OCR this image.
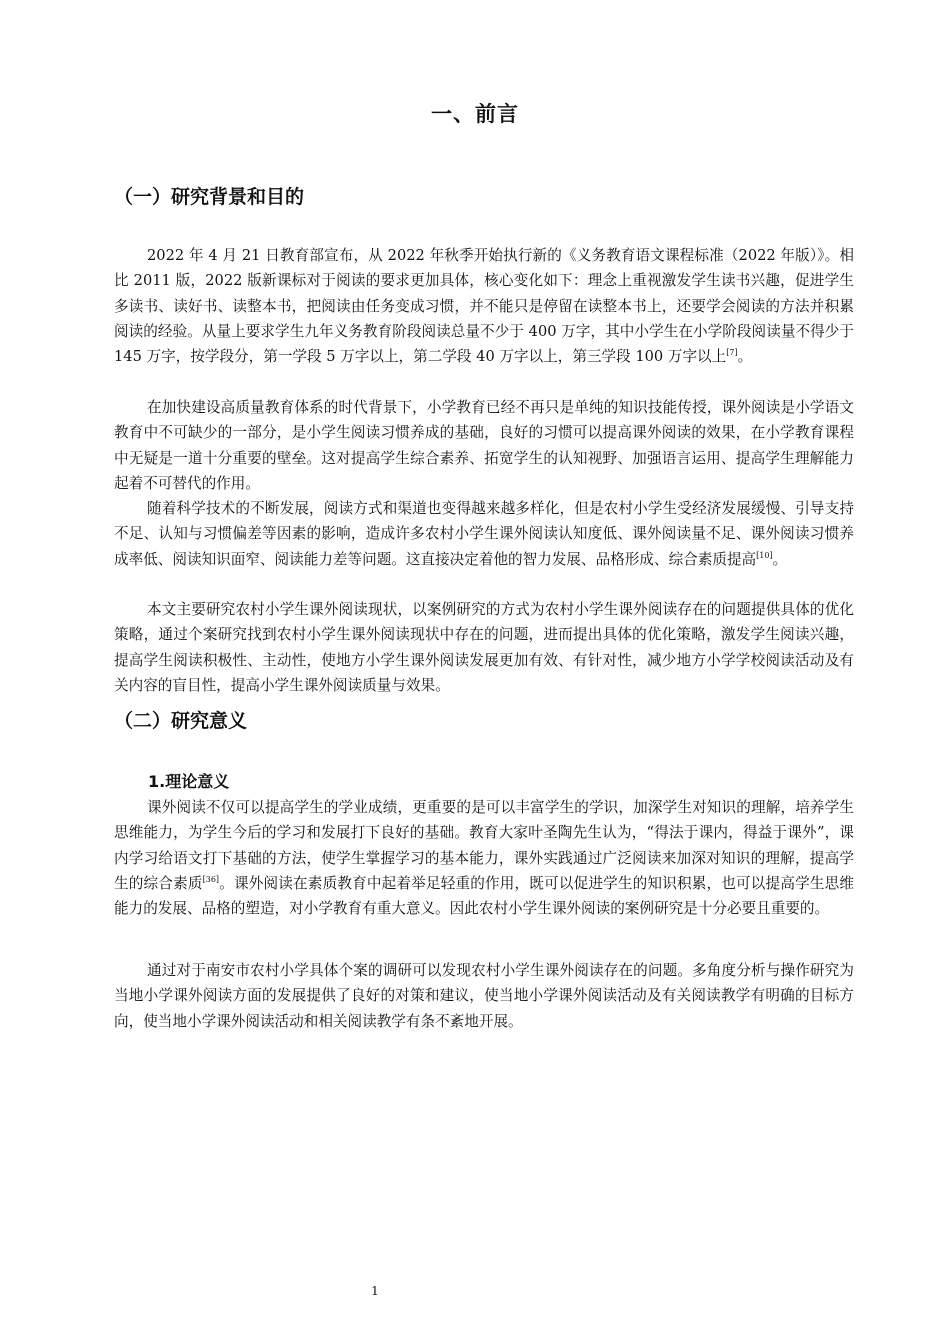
一、前言
（一）研究背景和目的

2022 年 4 月 21 日教育部宣布，从 2022 年秋季开始执行新的《义务教育语文课程标准（2022 年版）》。相比 2011 版，2022 版新课标对于阅读的要求更加具体，核心变化如下：理念上重视激发学生读书兴趣，促进学生多读书、读好书、读整本书，把阅读由任务变成习惯，并不能只是停留在读整本书上，还要学会阅读的方法并积累阅读的经验。从量上要求学生九年义务教育阶段阅读总量不少于 400 万字，其中小学生在小学阶段阅读量不得少于 145 万字，按学段分，第一学段 5 万字以上，第二学段 40 万字以上，第三学段 100 万字以上[7]。

在加快建设高质量教育体系的时代背景下，小学教育已经不再只是单纯的知识技能传授，课外阅读是小学语文教育中不可缺少的一部分，是小学生阅读习惯养成的基础，良好的习惯可以提高课外阅读的效果，在小学教育课程中无疑是一道十分重要的壁垒。这对提高学生综合素养、拓宽学生的认知视野、加强语言运用、提高学生理解能力起着不可替代的作用。

随着科学技术的不断发展，阅读方式和渠道也变得越来越多样化，但是农村小学生受经济发展缓慢、引导支持不足、认知与习惯偏差等因素的影响，造成许多农村小学生课外阅读认知度低、课外阅读量不足、课外阅读习惯养成率低、阅读知识面窄、阅读能力差等问题。这直接决定着他的智力发展、品格形成、综合素质提高[10]。

本文主要研究农村小学生课外阅读现状，以案例研究的方式为农村小学生课外阅读存在的问题提供具体的优化策略，通过个案研究找到农村小学生课外阅读现状中存在的问题，进而提出具体的优化策略，激发学生阅读兴趣，提高学生阅读积极性、主动性，使地方小学生课外阅读发展更加有效、有针对性，减少地方小学学校阅读活动及有关内容的盲目性，提高小学生课外阅读质量与效果。

（二）研究意义
1.理论意义

课外阅读不仅可以提高学生的学业成绩，更重要的是可以丰富学生的学识，加深学生对知识的理解，培养学生思维能力，为学生今后的学习和发展打下良好的基础。教育大家叶圣陶先生认为，“得法于课内，得益于课外”，课内学习给语文打下基础的方法，使学生掌握学习的基本能力，课外实践通过广泛阅读来加深对知识的理解，提高学生的综合素质[36]。课外阅读在素质教育中起着举足轻重的作用，既可以促进学生的知识积累，也可以提高学生思维能力的发展、品格的塑造，对小学教育有重大意义。因此农村小学生课外阅读的案例研究是十分必要且重要的。

通过对于南安市农村小学具体个案的调研可以发现农村小学生课外阅读存在的问题。多角度分析与操作研究为当地小学课外阅读方面的发展提供了良好的对策和建议，使当地小学课外阅读活动及有关阅读教学有明确的目标方向，使当地小学课外阅读活动和相关阅读教学有条不紊地开展。

1
